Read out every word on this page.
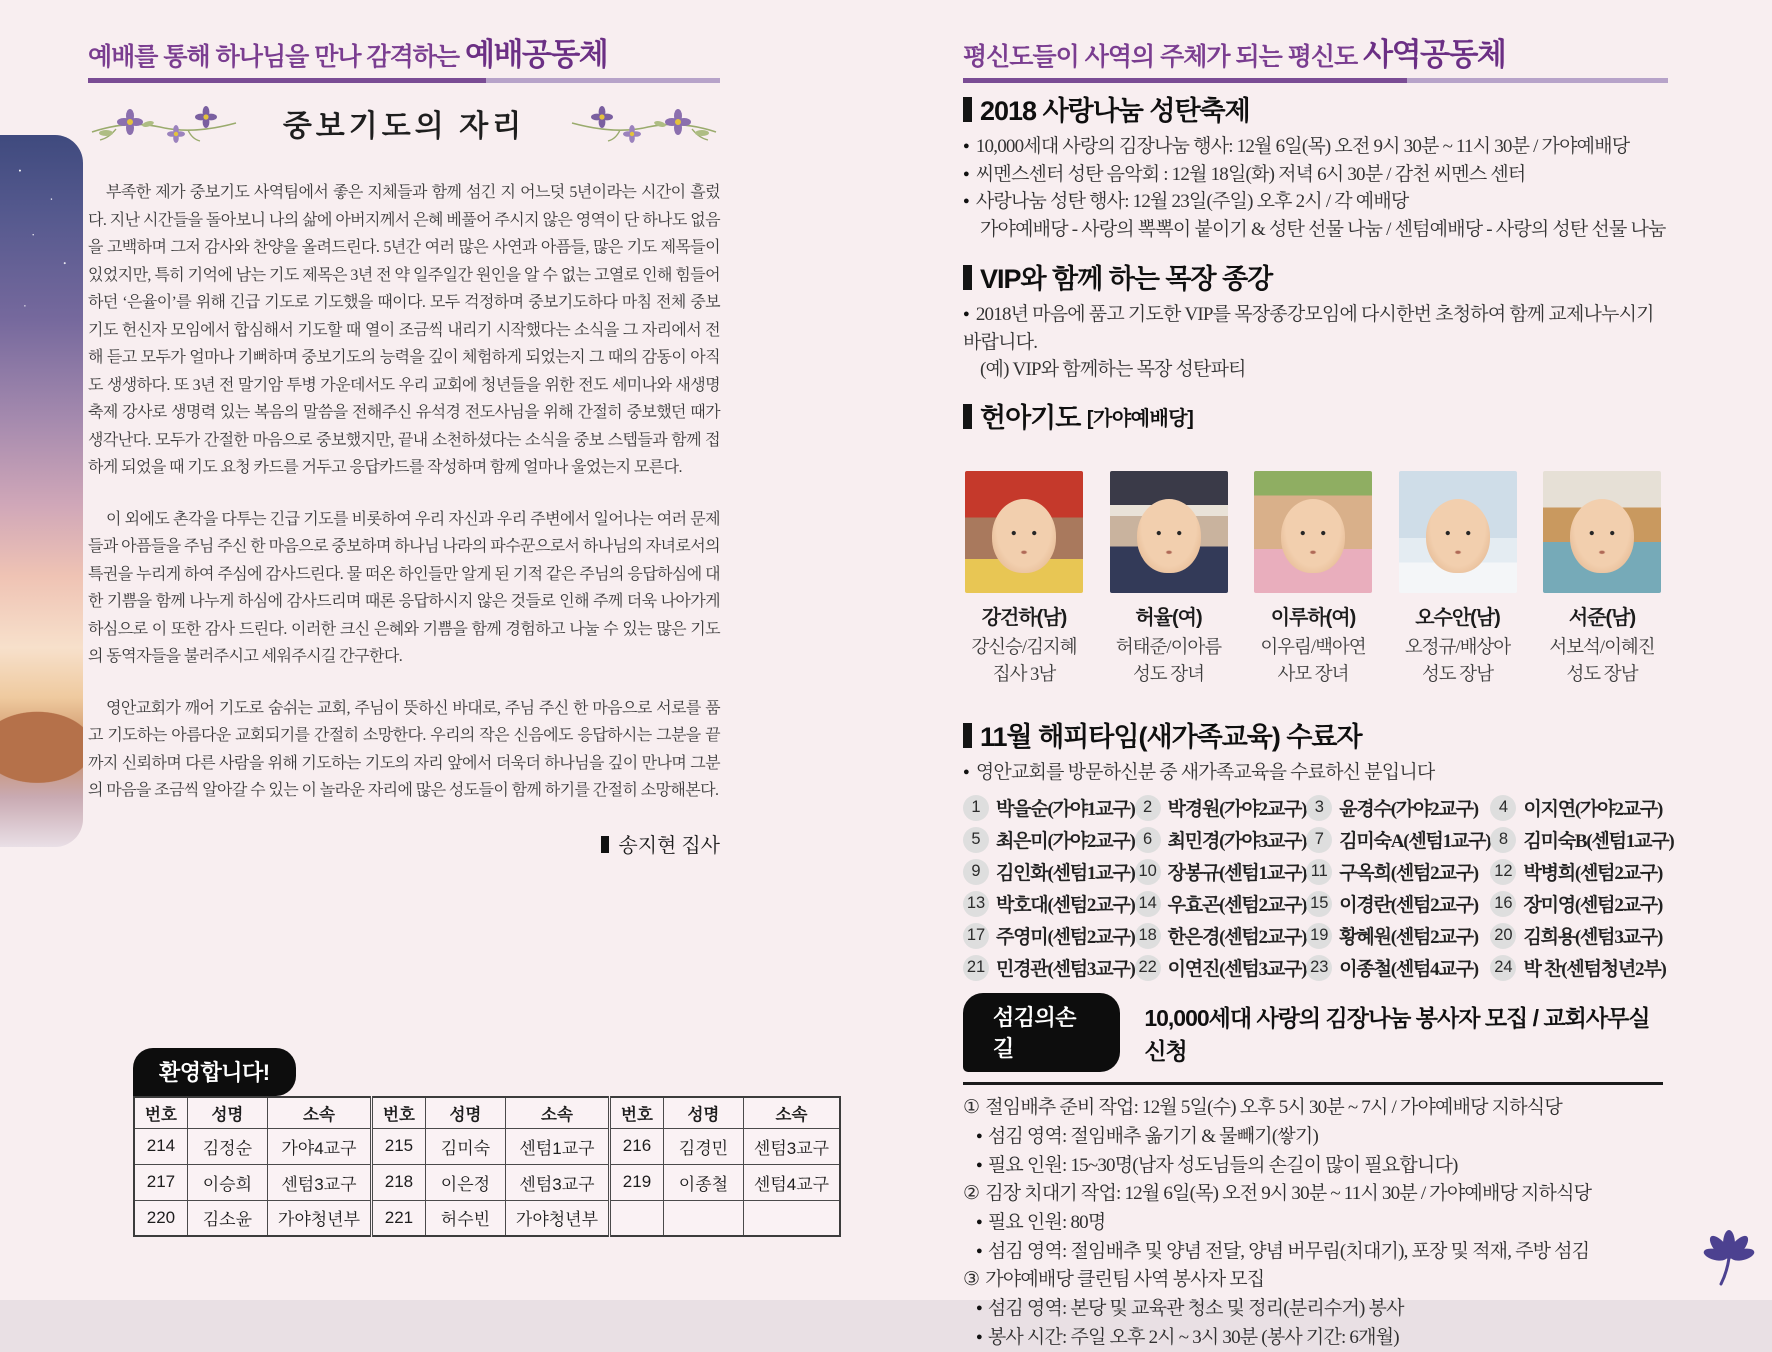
예배를 통해 하나님을 만나 감격하는 예배공동체
중보기도의 자리

부족한 제가 중보기도 사역팀에서 좋은 지체들과 함께 섬긴 지 어느덧 5년이라는 시간이 흘렀다. 지난 시간들을 돌아보니 나의 삶에 아버지께서 은혜 베풀어 주시지 않은 영역이 단 하나도 없음을 고백하며 그저 감사와 찬양을 올려드린다. 5년간 여러 많은 사연과 아픔들, 많은 기도 제목들이 있었지만, 특히 기억에 남는 기도 제목은 3년 전 약 일주일간 원인을 알 수 없는 고열로 인해 힘들어하던 ‘은율이’를 위해 긴급 기도로 기도했을 때이다. 모두 걱정하며 중보기도하다 마침 전체 중보기도 헌신자 모임에서 합심해서 기도할 때 열이 조금씩 내리기 시작했다는 소식을 그 자리에서 전해 듣고 모두가 얼마나 기뻐하며 중보기도의 능력을 깊이 체험하게 되었는지 그 때의 감동이 아직도 생생하다. 또 3년 전 말기암 투병 가운데서도 우리 교회에 청년들을 위한 전도 세미나와 새생명축제 강사로 생명력 있는 복음의 말씀을 전해주신 유석경 전도사님을 위해 간절히 중보했던 때가 생각난다. 모두가 간절한 마음으로 중보했지만, 끝내 소천하셨다는 소식을 중보 스텝들과 함께 접하게 되었을 때 기도 요청 카드를 거두고 응답카드를 작성하며 함께 얼마나 울었는지 모른다.

이 외에도 촌각을 다투는 긴급 기도를 비롯하여 우리 자신과 우리 주변에서 일어나는 여러 문제들과 아픔들을 주님 주신 한 마음으로 중보하며 하나님 나라의 파수꾼으로서 하나님의 자녀로서의 특권을 누리게 하여 주심에 감사드린다. 물 떠온 하인들만 알게 된 기적 같은 주님의 응답하심에 대한 기쁨을 함께 나누게 하심에 감사드리며 때론 응답하시지 않은 것들로 인해 주께 더욱 나아가게 하심으로 이 또한 감사 드린다. 이러한 크신 은혜와 기쁨을 함께 경험하고 나눌 수 있는 많은 기도의 동역자들을 불러주시고 세워주시길 간구한다.

영안교회가 깨어 기도로 숨쉬는 교회, 주님이 뜻하신 바대로, 주님 주신 한 마음으로 서로를 품고 기도하는 아름다운 교회되기를 간절히 소망한다. 우리의 작은 신음에도 응답하시는 그분을 끝까지 신뢰하며 다른 사람을 위해 기도하는 기도의 자리 앞에서 더욱더 하나님을 깊이 만나며 그분의 마음을 조금씩 알아갈 수 있는 이 놀라운 자리에 많은 성도들이 함께 하기를 간절히 소망해본다.

송지현 집사
환영합니다!
번호	성명	소속	번호	성명	소속	번호	성명	소속
214	김정순	가야4교구	215	김미숙	센텀1교구	216	김경민	센텀3교구
217	이승희	센텀3교구	218	이은정	센텀3교구	219	이종철	센텀4교구
220	김소윤	가야청년부	221	허수빈	가야청년부			
평신도들이 사역의 주체가 되는 평신도 사역공동체
2018 사랑나눔 성탄축제
● 10,000세대 사랑의 김장나눔 행사: 12월 6일(목) 오전 9시 30분 ~ 11시 30분 / 가야예배당
● 씨멘스센터 성탄 음악회 : 12월 18일(화) 저녁 6시 30분 / 감천 씨멘스 센터
● 사랑나눔 성탄 행사: 12월 23일(주일) 오후 2시 / 각 예배당
가야예배당 - 사랑의 뽁뽁이 붙이기 & 성탄 선물 나눔 / 센텀예배당 - 사랑의 성탄 선물 나눔
VIP와 함께 하는 목장 종강
● 2018년 마음에 품고 기도한 VIP를 목장종강모임에 다시한번 초청하여 함께 교제나누시기 바랍니다.
(예) VIP와 함께하는 목장 성탄파티
헌아기도 [가야예배당]
강건하(남)
강신승/김지혜
집사 3남
허율(여)
허태준/이아름
성도 장녀
이루하(여)
이우림/백아연
사모 장녀
오수안(남)
오정규/배상아
성도 장남
서준(남)
서보석/이혜진
성도 장남
11월 해피타임(새가족교육) 수료자
● 영안교회를 방문하신분 중 새가족교육을 수료하신 분입니다
1 박을순(가야1교구) 2 박경원(가야2교구) 3 윤경수(가야2교구)	4 이지연(가야2교구)
5 최은미(가야2교구) 6 최민경(가야3교구) 7 김미숙A(센텀1교구) 8 김미숙B(센텀1교구)
9 김인화(센텀1교구) 10 장봉규(센텀1교구) 11 구옥희(센텀2교구) 12 박병희(센텀2교구)
13 박호대(센텀2교구) 14 우효곤(센텀2교구) 15 이경란(센텀2교구) 16 장미영(센텀2교구)
17 주영미(센텀2교구) 18 한은경(센텀2교구) 19 황혜원(센텀2교구) 20 김희용(센텀3교구)
21 민경관(센텀3교구) 22 이연진(센텀3교구) 23 이종철(센텀4교구) 24 박 찬(센텀청년2부)
섬김의손길
10,000세대 사랑의 김장나눔 봉사자 모집 / 교회사무실 신청
① 절임배추 준비 작업: 12월 5일(수) 오후 5시 30분 ~ 7시 / 가야예배당 지하식당
● 섬김 영역: 절임배추 옮기기 & 물빼기(쌓기)
● 필요 인원: 15~30명(남자 성도님들의 손길이 많이 필요합니다)
② 김장 치대기 작업: 12월 6일(목) 오전 9시 30분 ~ 11시 30분 / 가야예배당 지하식당
● 필요 인원: 80명
● 섬김 영역: 절임배추 및 양념 전달, 양념 버무림(치대기), 포장 및 적재, 주방 섬김
③ 가야예배당 클린팀 사역 봉사자 모집
● 섬김 영역: 본당 및 교육관 청소 및 정리(분리수거) 봉사
● 봉사 시간: 주일 오후 2시 ~ 3시 30분 (봉사 기간: 6개월)
